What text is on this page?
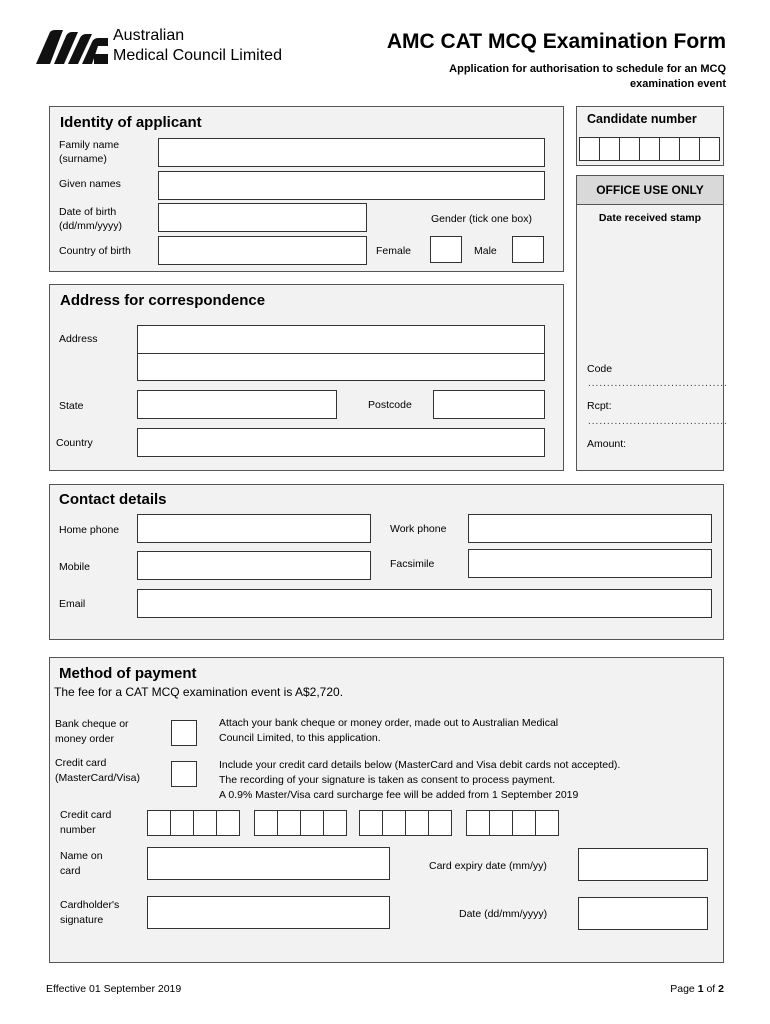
Australian
Medical Council Limited
AMC CAT MCQ Examination Form
Application for authorisation to schedule for an MCQ
examination event
Identity of applicant
Family name
(surname)
Given names
Date of birth
(dd/mm/yyyy)
Gender (tick one box)
Country of birth	Female	Male
Candidate number
OFFICE USE ONLY
Date received stamp
Code
.....................................
Rcpt:
.....................................
Amount:
Address for correspondence
Address
State	Postcode
Country
Contact details
Home phone	Work phone
Mobile	Facsimile
Email
Method of payment
The fee for a CAT MCQ examination event is A$2,720.
Bank cheque or
money order
Attach your bank cheque or money order, made out to Australian Medical
Council Limited, to this application.
Credit card
(MasterCard/Visa)
Include your credit card details below (MasterCard and Visa debit cards not accepted).
The recording of your signature is taken as consent to process payment.
A 0.9% Master/Visa card surcharge fee will be added from 1 September 2019
Credit card
number
Name on
card	Card expiry date (mm/yy)
Cardholder's
signature	Date (dd/mm/yyyy)
Effective 01 September 2019	Page 1 of 2
